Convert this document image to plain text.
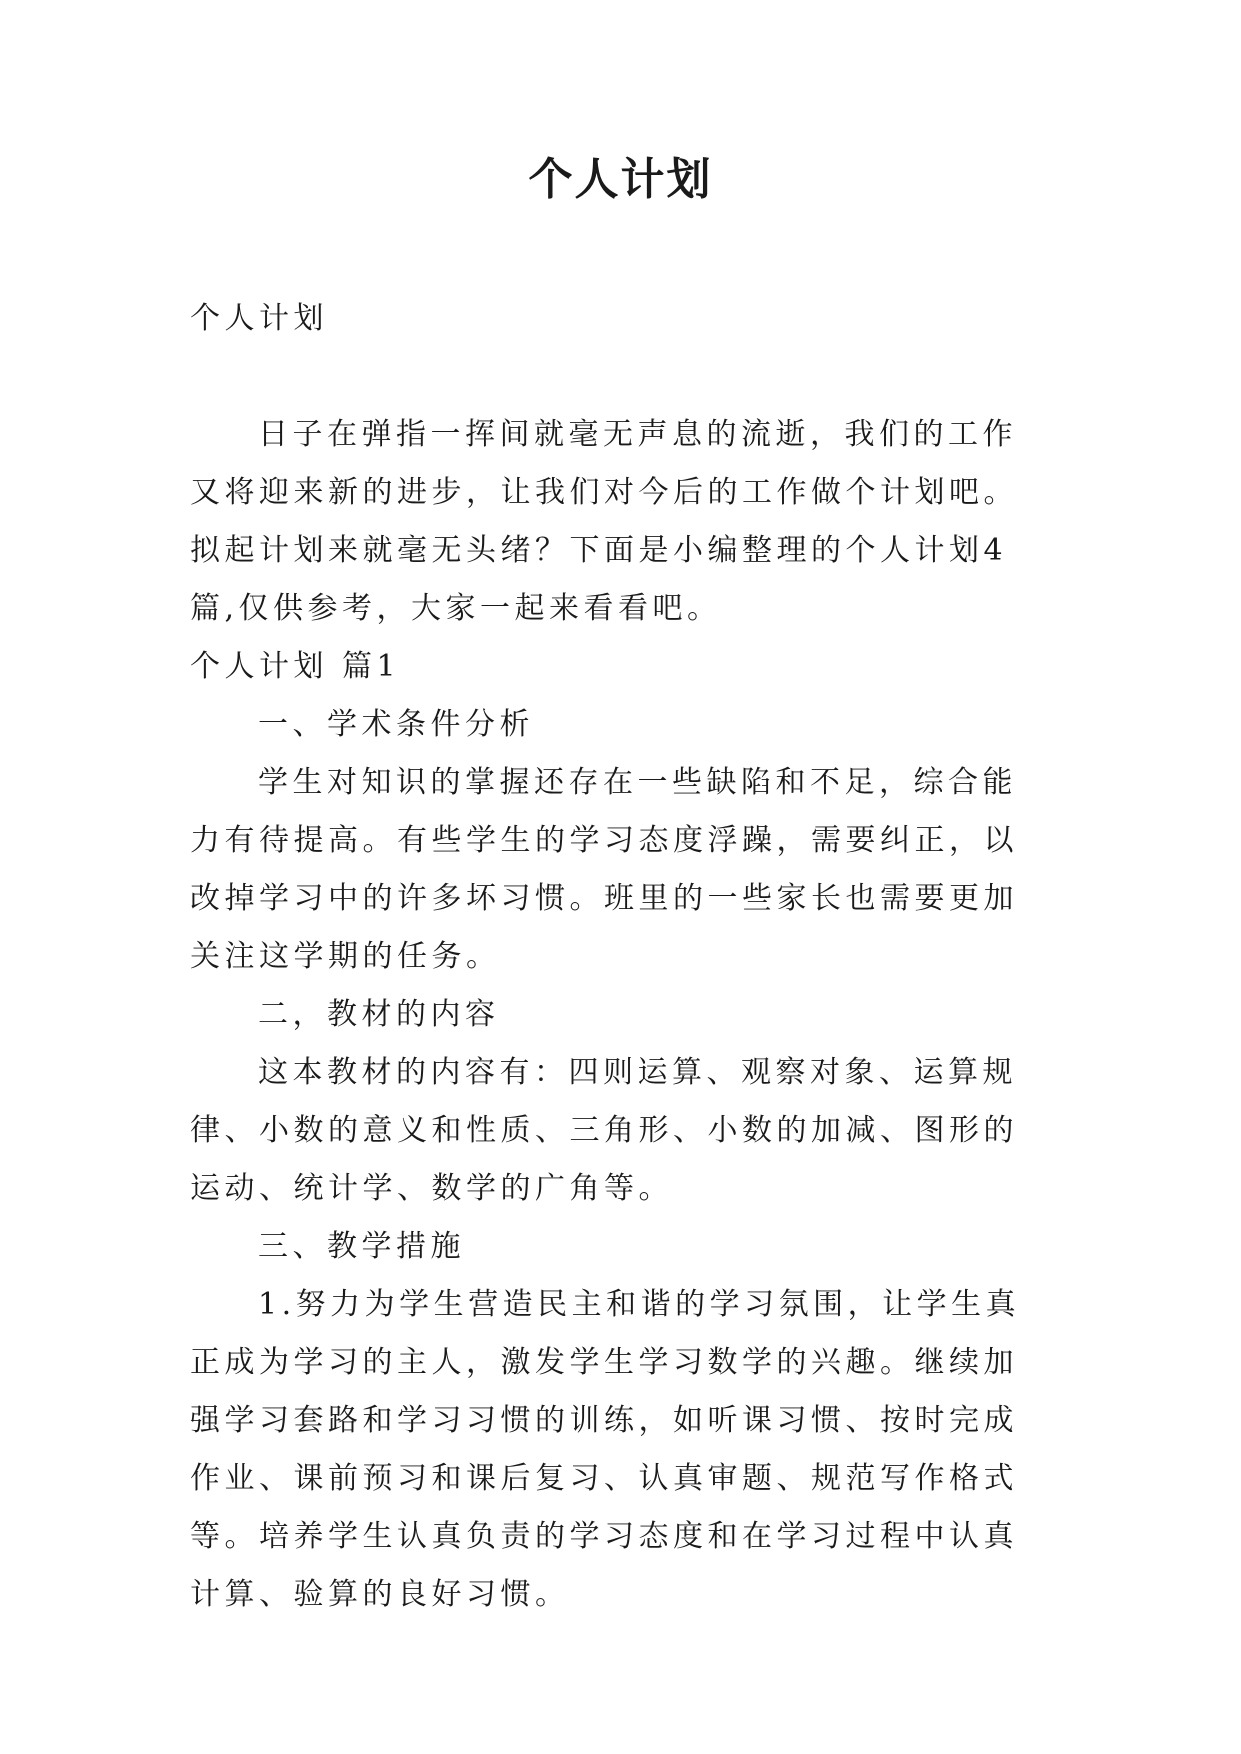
个人计划

个人计划

日子在弹指一挥间就毫无声息的流逝，我们的工作又将迎来新的进步，让我们对今后的工作做个计划吧。拟起计划来就毫无头绪？下面是小编整理的个人计划4篇,仅供参考，大家一起来看看吧。

个人计划 篇1

一、学术条件分析

学生对知识的掌握还存在一些缺陷和不足，综合能力有待提高。有些学生的学习态度浮躁，需要纠正，以改掉学习中的许多坏习惯。班里的一些家长也需要更加关注这学期的任务。

二，教材的内容

这本教材的内容有：四则运算、观察对象、运算规律、小数的意义和性质、三角形、小数的加减、图形的运动、统计学、数学的广角等。

三、教学措施

1.努力为学生营造民主和谐的学习氛围，让学生真正成为学习的主人，激发学生学习数学的兴趣。继续加强学习套路和学习习惯的训练，如听课习惯、按时完成作业、课前预习和课后复习、认真审题、规范写作格式等。培养学生认真负责的学习态度和在学习过程中认真计算、验算的良好习惯。
